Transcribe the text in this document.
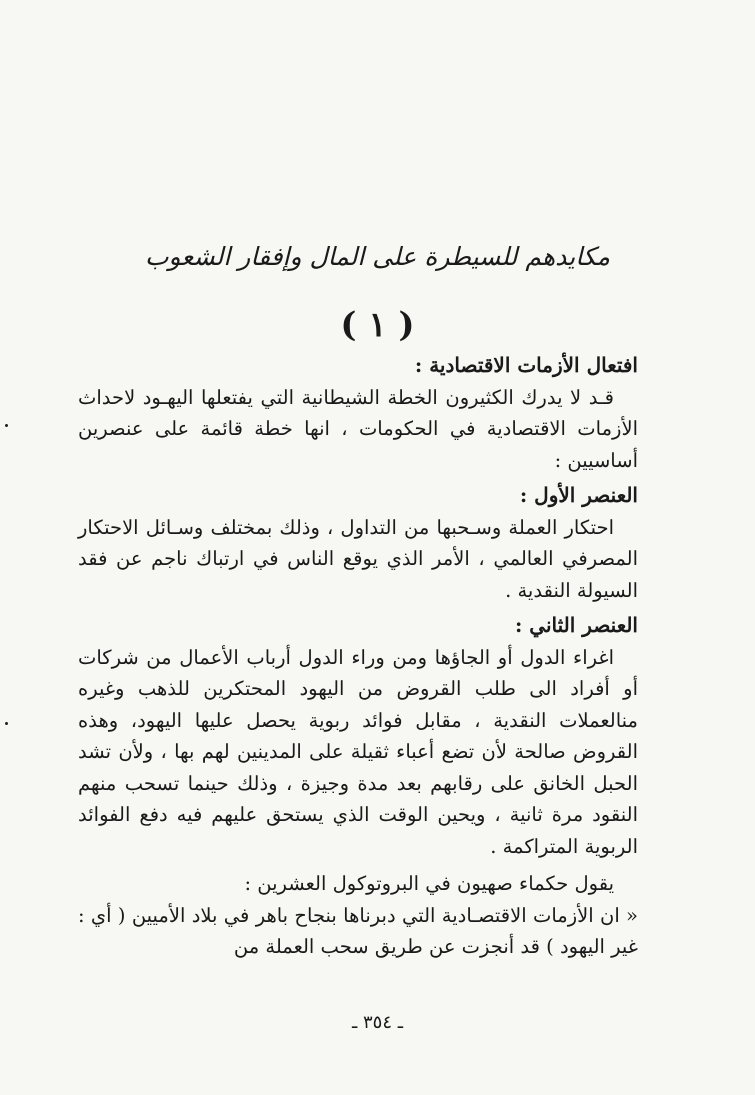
مكايدهم للسيطرة على المال وإفقار الشعوب
( ١ )

افتعال الأزمات الاقتصادية :

قـد لا يدرك الكثيرون الخطة الشيطانية التي يفتعلها اليهـود لاحداث الأزمات الاقتصادية في الحكومات ، انها خطة قائمة على عنصرين أساسيين :

العنصر الأول :

احتكار العملة وسـحبها من التداول ، وذلك بمختلف وسـائل الاحتكار المصرفي العالمي ، الأمر الذي يوقع الناس في ارتباك ناجم عن فقد السيولة النقدية .

العنصر الثاني :

اغراء الدول أو الجاؤها ومن وراء الدول أرباب الأعمال من شركات أو أفراد الى طلب القروض من اليهود المحتكرين للذهب وغيره منالعملات النقدية ، مقابل فوائد ربوية يحصل عليها اليهود، وهذه القروض صالحة لأن تضع أعباء ثقيلة على المدينين لهم بها ، ولأن تشد الحبل الخانق على رقابهم بعد مدة وجيزة ، وذلك حينما تسحب منهم النقود مرة ثانية ، ويحين الوقت الذي يستحق عليهم فيه دفع الفوائد الربوية المتراكمة .

يقول حكماء صهيون في البروتوكول العشرين :

« ان الأزمات الاقتصـادية التي دبرناها بنجاح باهر في بلاد الأميين ( أي : غير اليهود ) قد أنجزت عن طريق سحب العملة من

ـ ٣٥٤ ـ
